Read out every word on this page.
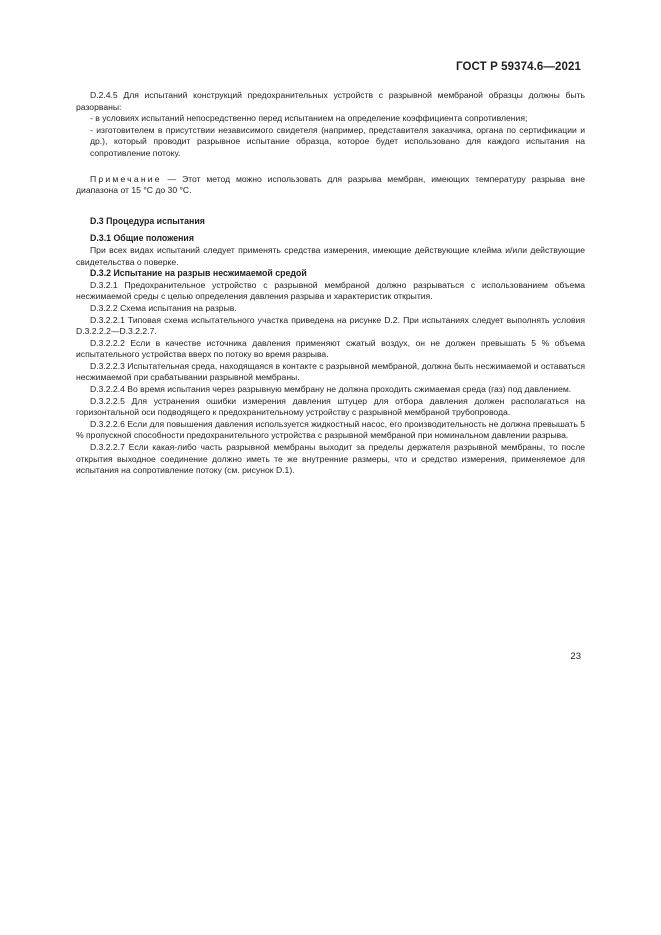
ГОСТ Р 59374.6—2021

D.2.4.5 Для испытаний конструкций предохранительных устройств с разрывной мембраной образцы должны быть разорваны:

- в условиях испытаний непосредственно перед испытанием на определение коэффициента сопротивления;

- изготовителем в присутствии независимого свидетеля (например, представителя заказчика, органа по сертификации и др.), который проводит разрывное испытание образца, которое будет использовано для каждого испытания на сопротивление потоку.

Примечание — Этот метод можно использовать для разрыва мембран, имеющих температуру разрыва вне диапазона от 15 °С до 30 °С.

D.3 Процедура испытания

D.3.1 Общие положения

При всех видах испытаний следует применять средства измерения, имеющие действующие клейма и/или действующие свидетельства о поверке.

D.3.2 Испытание на разрыв несжимаемой средой

D.3.2.1 Предохранительное устройство с разрывной мембраной должно разрываться с использованием объема несжимаемой среды с целью определения давления разрыва и характеристик открытия.

D.3.2.2 Схема испытания на разрыв.

D.3.2.2.1 Типовая схема испытательного участка приведена на рисунке D.2. При испытаниях следует выполнять условия D.3.2.2.2—D.3.2.2.7.

D.3.2.2.2 Если в качестве источника давления применяют сжатый воздух, он не должен превышать 5 % объема испытательного устройства вверх по потоку во время разрыва.

D.3.2.2.3 Испытательная среда, находящаяся в контакте с разрывной мембраной, должна быть несжимаемой и оставаться несжимаемой при срабатывании разрывной мембраны.

D.3.2.2.4 Во время испытания через разрывную мембрану не должна проходить сжимаемая среда (газ) под давлением.

D.3.2.2.5 Для устранения ошибки измерения давления штуцер для отбора давления должен располагаться на горизонтальной оси подводящего к предохранительному устройству с разрывной мембраной трубопровода.

D.3.2.2.6 Если для повышения давления используется жидкостный насос, его производительность не должна превышать 5 % пропускной способности предохранительного устройства с разрывной мембраной при номинальном давлении разрыва.

D.3.2.2.7 Если какая-либо часть разрывной мембраны выходит за пределы держателя разрывной мембраны, то после открытия выходное соединение должно иметь те же внутренние размеры, что и средство измерения, применяемое для испытания на сопротивление потоку (см. рисунок D.1).

23
